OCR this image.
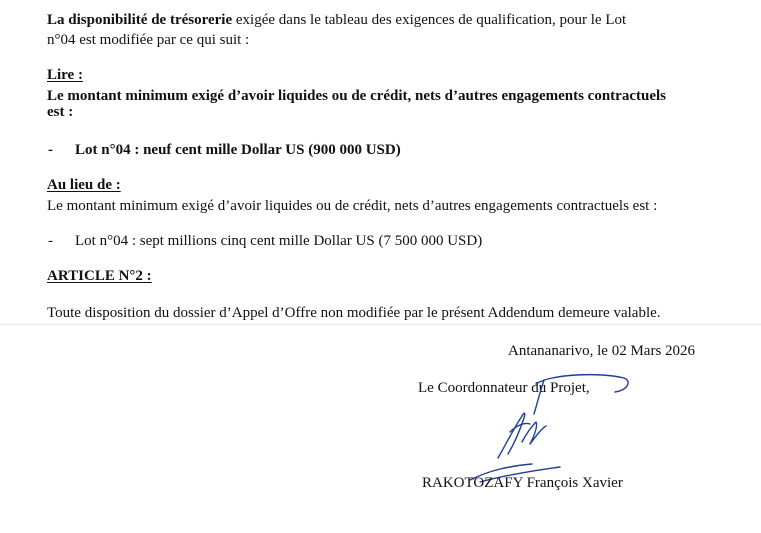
La disponibilité de trésorerie exigée dans le tableau des exigences de qualification, pour le Lot
n°04 est modifiée par ce qui suit :
Lire :
Le montant minimum exigé d’avoir liquides ou de crédit, nets d’autres engagements contractuels
est :
- Lot n°04 : neuf cent mille Dollar US (900 000 USD)
Au lieu de :
Le montant minimum exigé d’avoir liquides ou de crédit, nets d’autres engagements contractuels est :
- Lot n°04 : sept millions cinq cent mille Dollar US (7 500 000 USD)
ARTICLE N°2 :
Toute disposition du dossier d’Appel d’Offre non modifiée par le présent Addendum demeure valable.
Antananarivo, le 02 Mars 2026
Le Coordonnateur du Projet,
RAKOTOZAFY François Xavier
